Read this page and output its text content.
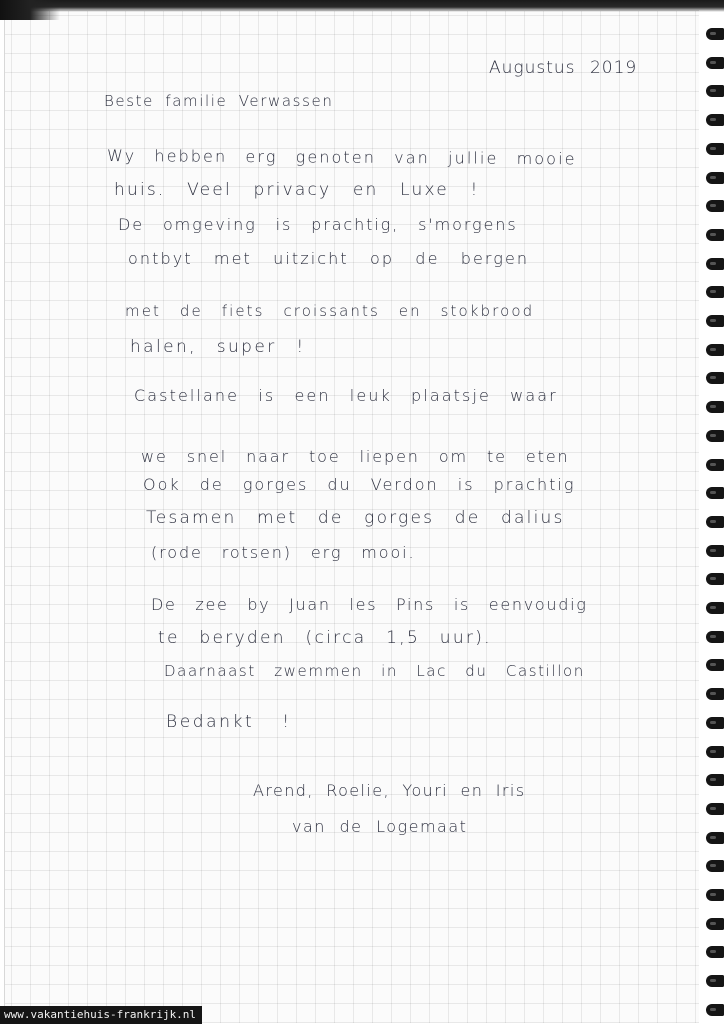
Augustus 2019

Beste familie Verwassen

Wy hebben erg genoten van jullie mooie

huis. Veel privacy en Luxe !

De omgeving is prachtig, s'morgens

ontbyt met uitzicht op de bergen

met de fiets croissants en stokbrood

halen, super !

Castellane is een leuk plaatsje waar

we snel naar toe liepen om te eten

Ook de gorges du Verdon is prachtig

Tesamen met de gorges de dalius

(rode rotsen) erg mooi.

De zee by Juan les Pins is eenvoudig

te beryden (circa 1,5 uur).

Daarnaast zwemmen in Lac du Castillon

Bedankt !

Arend, Roelie, Youri en Iris

van de Logemaat

www.vakantiehuis-frankrijk.nl
